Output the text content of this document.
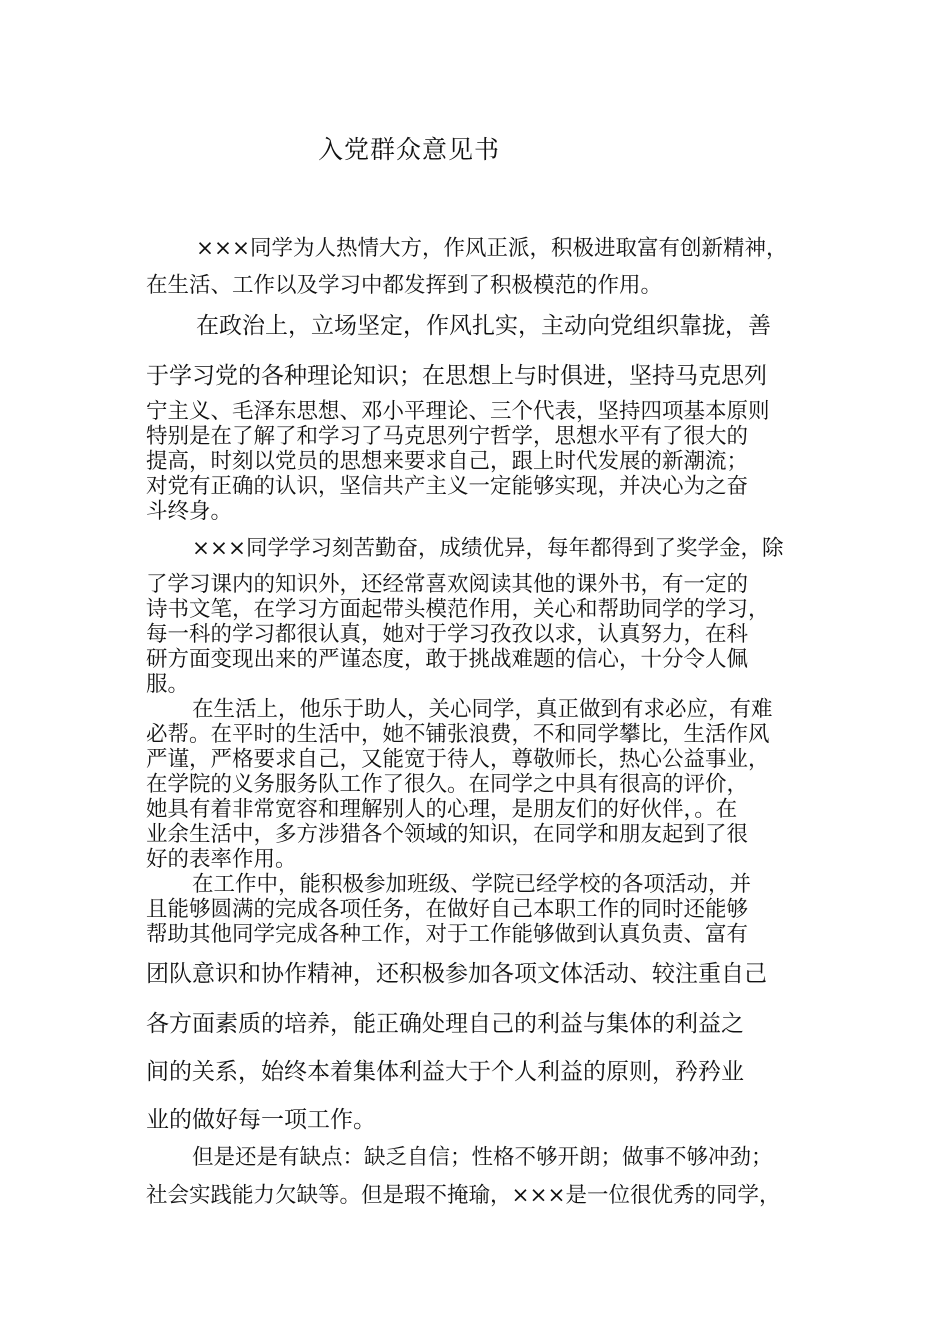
入党群众意见书
×××同学为人热情大方，作风正派，积极进取富有创新精神，
在生活、工作以及学习中都发挥到了积极模范的作用。
在政治上，立场坚定，作风扎实，主动向党组织靠拢，善
于学习党的各种理论知识；在思想上与时俱进，坚持马克思列
宁主义、毛泽东思想、邓小平理论、三个代表，坚持四项基本原则
特别是在了解了和学习了马克思列宁哲学，思想水平有了很大的
提高，时刻以党员的思想来要求自己，跟上时代发展的新潮流；
对党有正确的认识，坚信共产主义一定能够实现，并决心为之奋
斗终身。
×××同学学习刻苦勤奋，成绩优异，每年都得到了奖学金，除
了学习课内的知识外，还经常喜欢阅读其他的课外书，有一定的
诗书文笔，在学习方面起带头模范作用，关心和帮助同学的学习，
每一科的学习都很认真，她对于学习孜孜以求，认真努力，在科
研方面变现出来的严谨态度，敢于挑战难题的信心，十分令人佩
服。
在生活上，他乐于助人，关心同学，真正做到有求必应，有难
必帮。在平时的生活中，她不铺张浪费，不和同学攀比，生活作风
严谨，严格要求自己，又能宽于待人，尊敬师长，热心公益事业，
在学院的义务服务队工作了很久。在同学之中具有很高的评价，
她具有着非常宽容和理解别人的心理，是朋友们的好伙伴，。在
业余生活中，多方涉猎各个领域的知识，在同学和朋友起到了很
好的表率作用。
在工作中，能积极参加班级、学院已经学校的各项活动，并
且能够圆满的完成各项任务，在做好自己本职工作的同时还能够
帮助其他同学完成各种工作，对于工作能够做到认真负责、富有
团队意识和协作精神，还积极参加各项文体活动、较注重自己
各方面素质的培养，能正确处理自己的利益与集体的利益之
间的关系，始终本着集体利益大于个人利益的原则，矜矜业
业的做好每一项工作。
但是还是有缺点：缺乏自信；性格不够开朗；做事不够冲劲；
社会实践能力欠缺等。但是瑕不掩瑜，×××是一位很优秀的同学，
